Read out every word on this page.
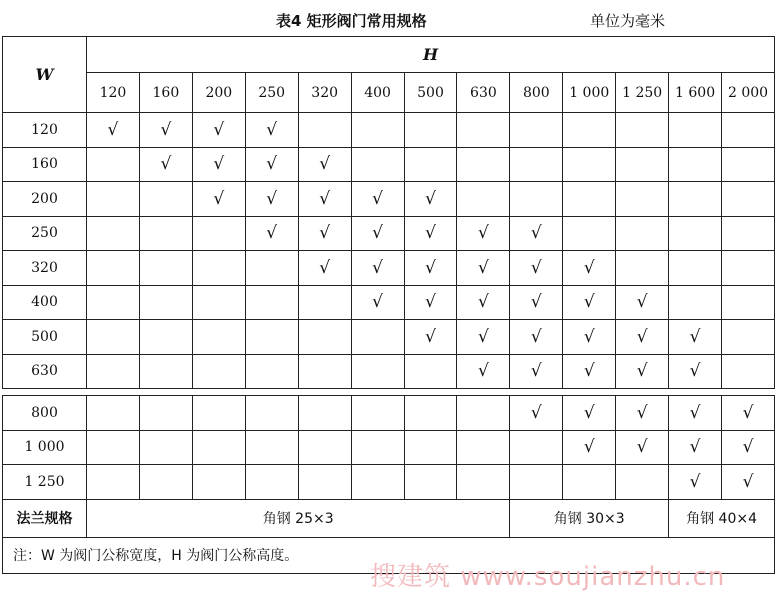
表4 矩形阀门常用规格	单位为毫米
W	H												
	120	160	200	250	320	400	500	630	800	1 000	1 250	1 600	2 000
120	√	√	√	√									
160		√	√	√	√								
200			√	√	√	√	√						
250				√	√	√	√	√	√				
320					√	√	√	√	√	√			
400						√	√	√	√	√	√		
500							√	√	√	√	√	√	
630								√	√	√	√	√	

800									√	√	√	√	√
1 000										√	√	√	√
1 250												√	√
法兰规格	角钢 25×3								角钢 30×3			角钢 40×4	
注：W 为阀门公称宽度，H 为阀门公称高度。													
搜建筑 www.soujianzhu.cn
